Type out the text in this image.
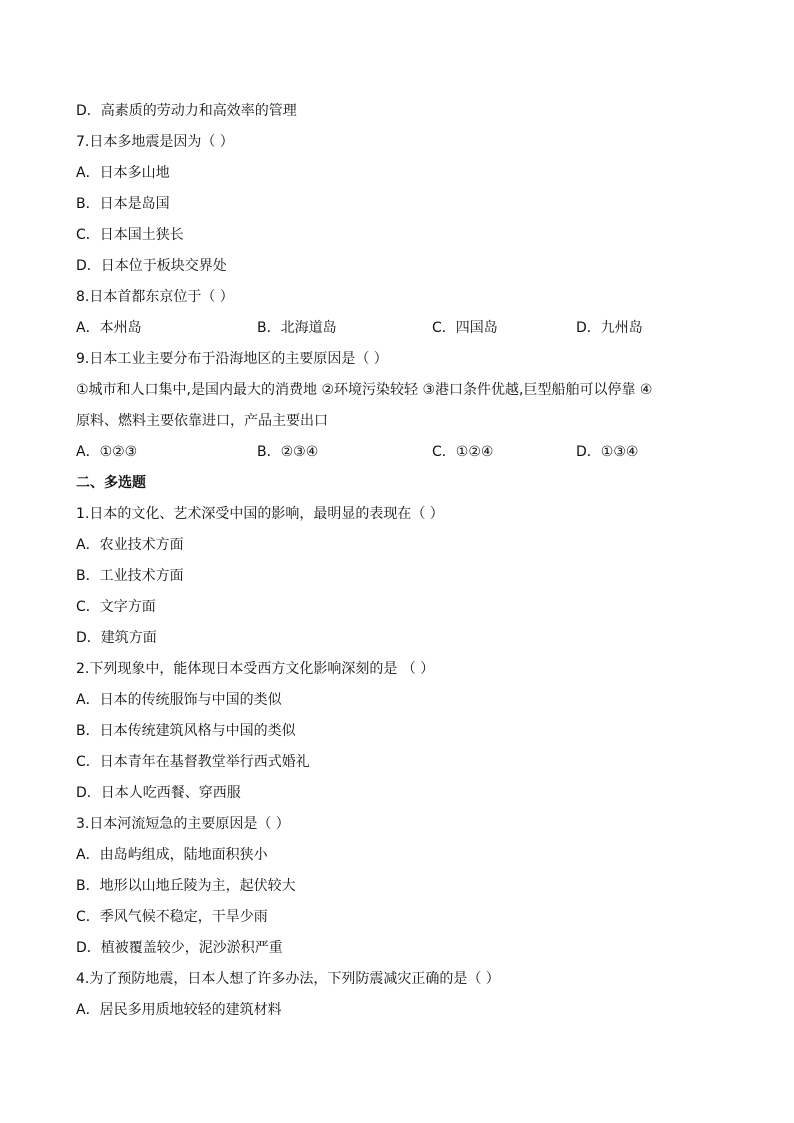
D．高素质的劳动力和高效率的管理
7.日本多地震是因为（ ）
A．日本多山地
B．日本是岛国
C．日本国土狭长
D．日本位于板块交界处
8.日本首都东京位于（ ）
A．本州岛	B．北海道岛	C．四国岛	D．九州岛
9.日本工业主要分布于沿海地区的主要原因是（ ）
①城市和人口集中,是国内最大的消费地 ②环境污染较轻 ③港口条件优越,巨型船舶可以停靠 ④
原料、燃料主要依靠进口，产品主要出口
A．①②③	B．②③④	C．①②④	D．①③④
二、多选题
1.日本的文化、艺术深受中国的影响，最明显的表现在（ ）
A．农业技术方面
B．工业技术方面
C．文字方面
D．建筑方面
2.下列现象中，能体现日本受西方文化影响深刻的是 （ ）
A．日本的传统服饰与中国的类似
B．日本传统建筑风格与中国的类似
C．日本青年在基督教堂举行西式婚礼
D．日本人吃西餐、穿西服
3.日本河流短急的主要原因是（ ）
A．由岛屿组成，陆地面积狭小
B．地形以山地丘陵为主，起伏较大
C．季风气候不稳定，干旱少雨
D．植被覆盖较少，泥沙淤积严重
4.为了预防地震，日本人想了许多办法，下列防震减灾正确的是（ ）
A．居民多用质地较轻的建筑材料
